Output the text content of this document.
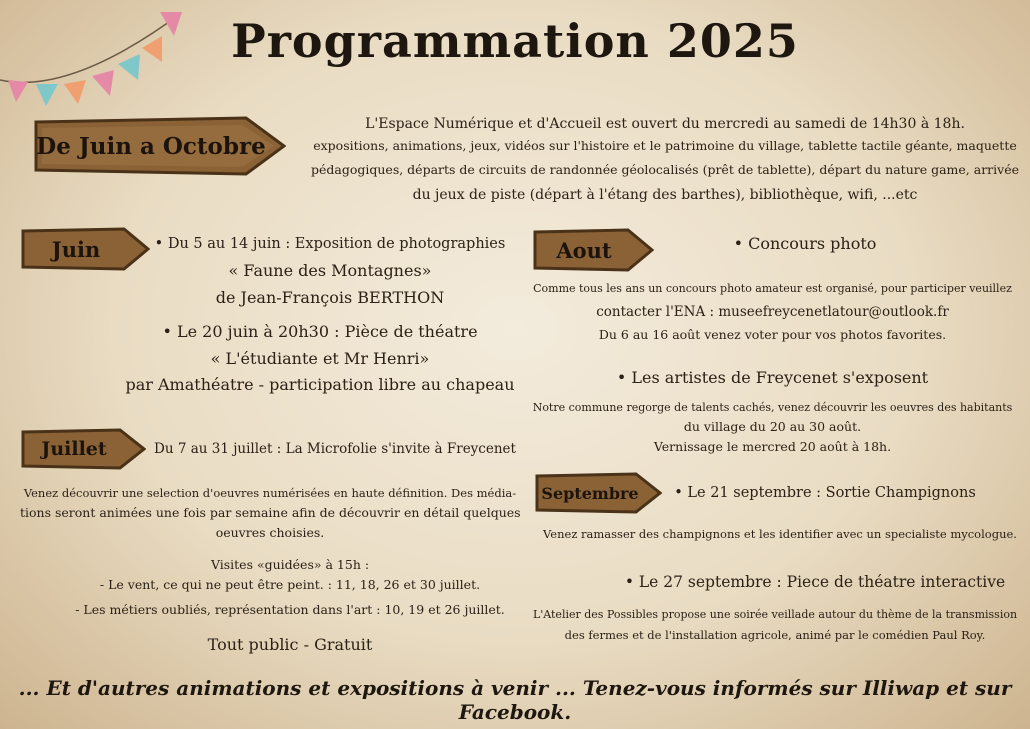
Programmation 2025
De Juin a Octobre
L'Espace Numérique et d'Accueil est ouvert du mercredi au samedi de 14h30 à 18h.
expositions, animations, jeux, vidéos sur l'histoire et le patrimoine du village, tablette tactile géante, maquette
pédagogiques, départs de circuits de randonnée géolocalisés (prêt de tablette), départ du nature game, arrivée
du jeux de piste (départ à l'étang des barthes), bibliothèque, wifi, ...etc
Juin	• Du 5 au 14 juin : Exposition de photographies
« Faune des Montagnes»
de Jean-François BERTHON
• Le 20 juin à 20h30 : Pièce de théatre
« L'étudiante et Mr Henri»
par Amathéatre - participation libre au chapeau
Juillet	Du 7 au 31 juillet : La Microfolie s'invite à Freycenet
Venez découvrir une selection d'oeuvres numérisées en haute définition. Des média-
tions seront animées une fois par semaine afin de découvrir en détail quelques
oeuvres choisies.
Visites «guidées» à 15h :
- Le vent, ce qui ne peut être peint. : 11, 18, 26 et 30 juillet.
- Les métiers oubliés, représentation dans l'art : 10, 19 et 26 juillet.
Tout public - Gratuit
Aout	• Concours photo
Comme tous les ans un concours photo amateur est organisé, pour participer veuillez
contacter l'ENA : museefreycenetlatour@outlook.fr
Du 6 au 16 août venez voter pour vos photos favorites.
• Les artistes de Freycenet s'exposent
Notre commune regorge de talents cachés, venez découvrir les oeuvres des habitants
du village du 20 au 30 août.
Vernissage le mercred 20 août à 18h.
Septembre	• Le 21 septembre : Sortie Champignons
Venez ramasser des champignons et les identifier avec un specialiste mycologue.
• Le 27 septembre : Piece de théatre interactive
L'Atelier des Possibles propose une soirée veillade autour du thème de la transmission
des fermes et de l'installation agricole, animé par le comédien Paul Roy.
... Et d'autres animations et expositions à venir ... Tenez-vous informés sur Illiwap et sur Facebook.
